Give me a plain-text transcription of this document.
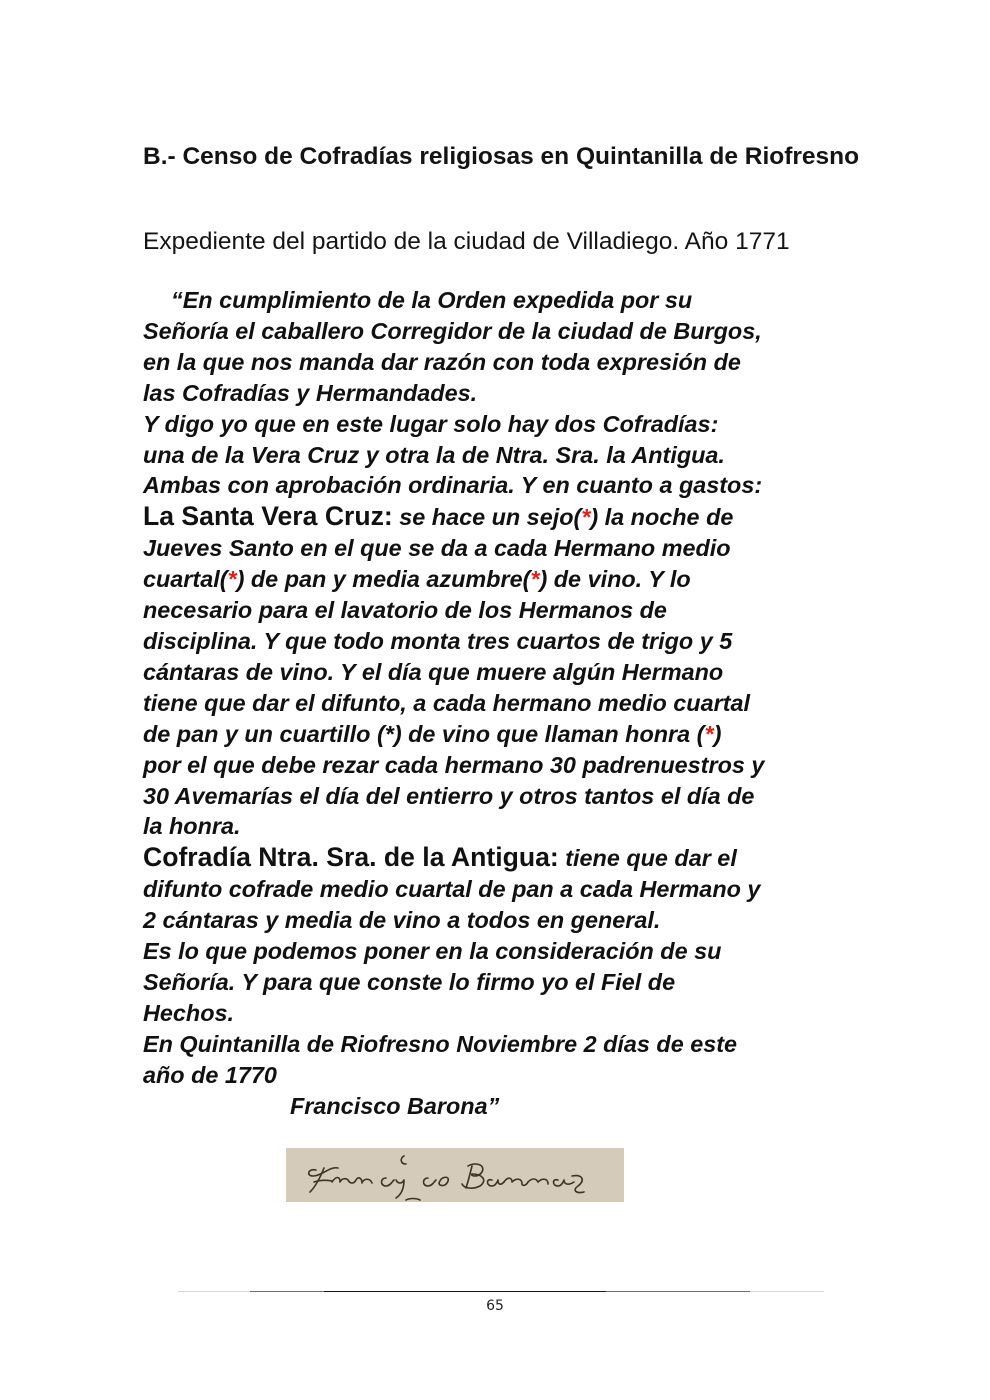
B.- Censo de Cofradías religiosas en Quintanilla de Riofresno

Expediente del partido de la ciudad de Villadiego. Año 1771

“En cumplimiento de la Orden expedida por su
Señoría el caballero Corregidor de la ciudad de Burgos,
en la que nos manda dar razón con toda expresión de
las Cofradías y Hermandades.
Y digo yo que en este lugar solo hay dos Cofradías:
una de la Vera Cruz y otra la de Ntra. Sra. la Antigua.
Ambas con aprobación ordinaria. Y en cuanto a gastos:
La Santa Vera Cruz: se hace un sejo(*) la noche de
Jueves Santo en el que se da a cada Hermano medio
cuartal(*) de pan y media azumbre(*) de vino. Y lo
necesario para el lavatorio de los Hermanos de
disciplina. Y que todo monta tres cuartos de trigo y 5
cántaras de vino. Y el día que muere algún Hermano
tiene que dar el difunto, a cada hermano medio cuartal
de pan y un cuartillo (*) de vino que llaman honra (*)
por el que debe rezar cada hermano 30 padrenuestros y
30 Avemarías el día del entierro y otros tantos el día de
la honra.
Cofradía Ntra. Sra. de la Antigua: tiene que dar el
difunto cofrade medio cuartal de pan a cada Hermano y
2 cántaras y media de vino a todos en general.
Es lo que podemos poner en la consideración de su
Señoría. Y para que conste lo firmo yo el Fiel de
Hechos.
En Quintanilla de Riofresno Noviembre 2 días de este
año de 1770
Francisco Barona”
65
